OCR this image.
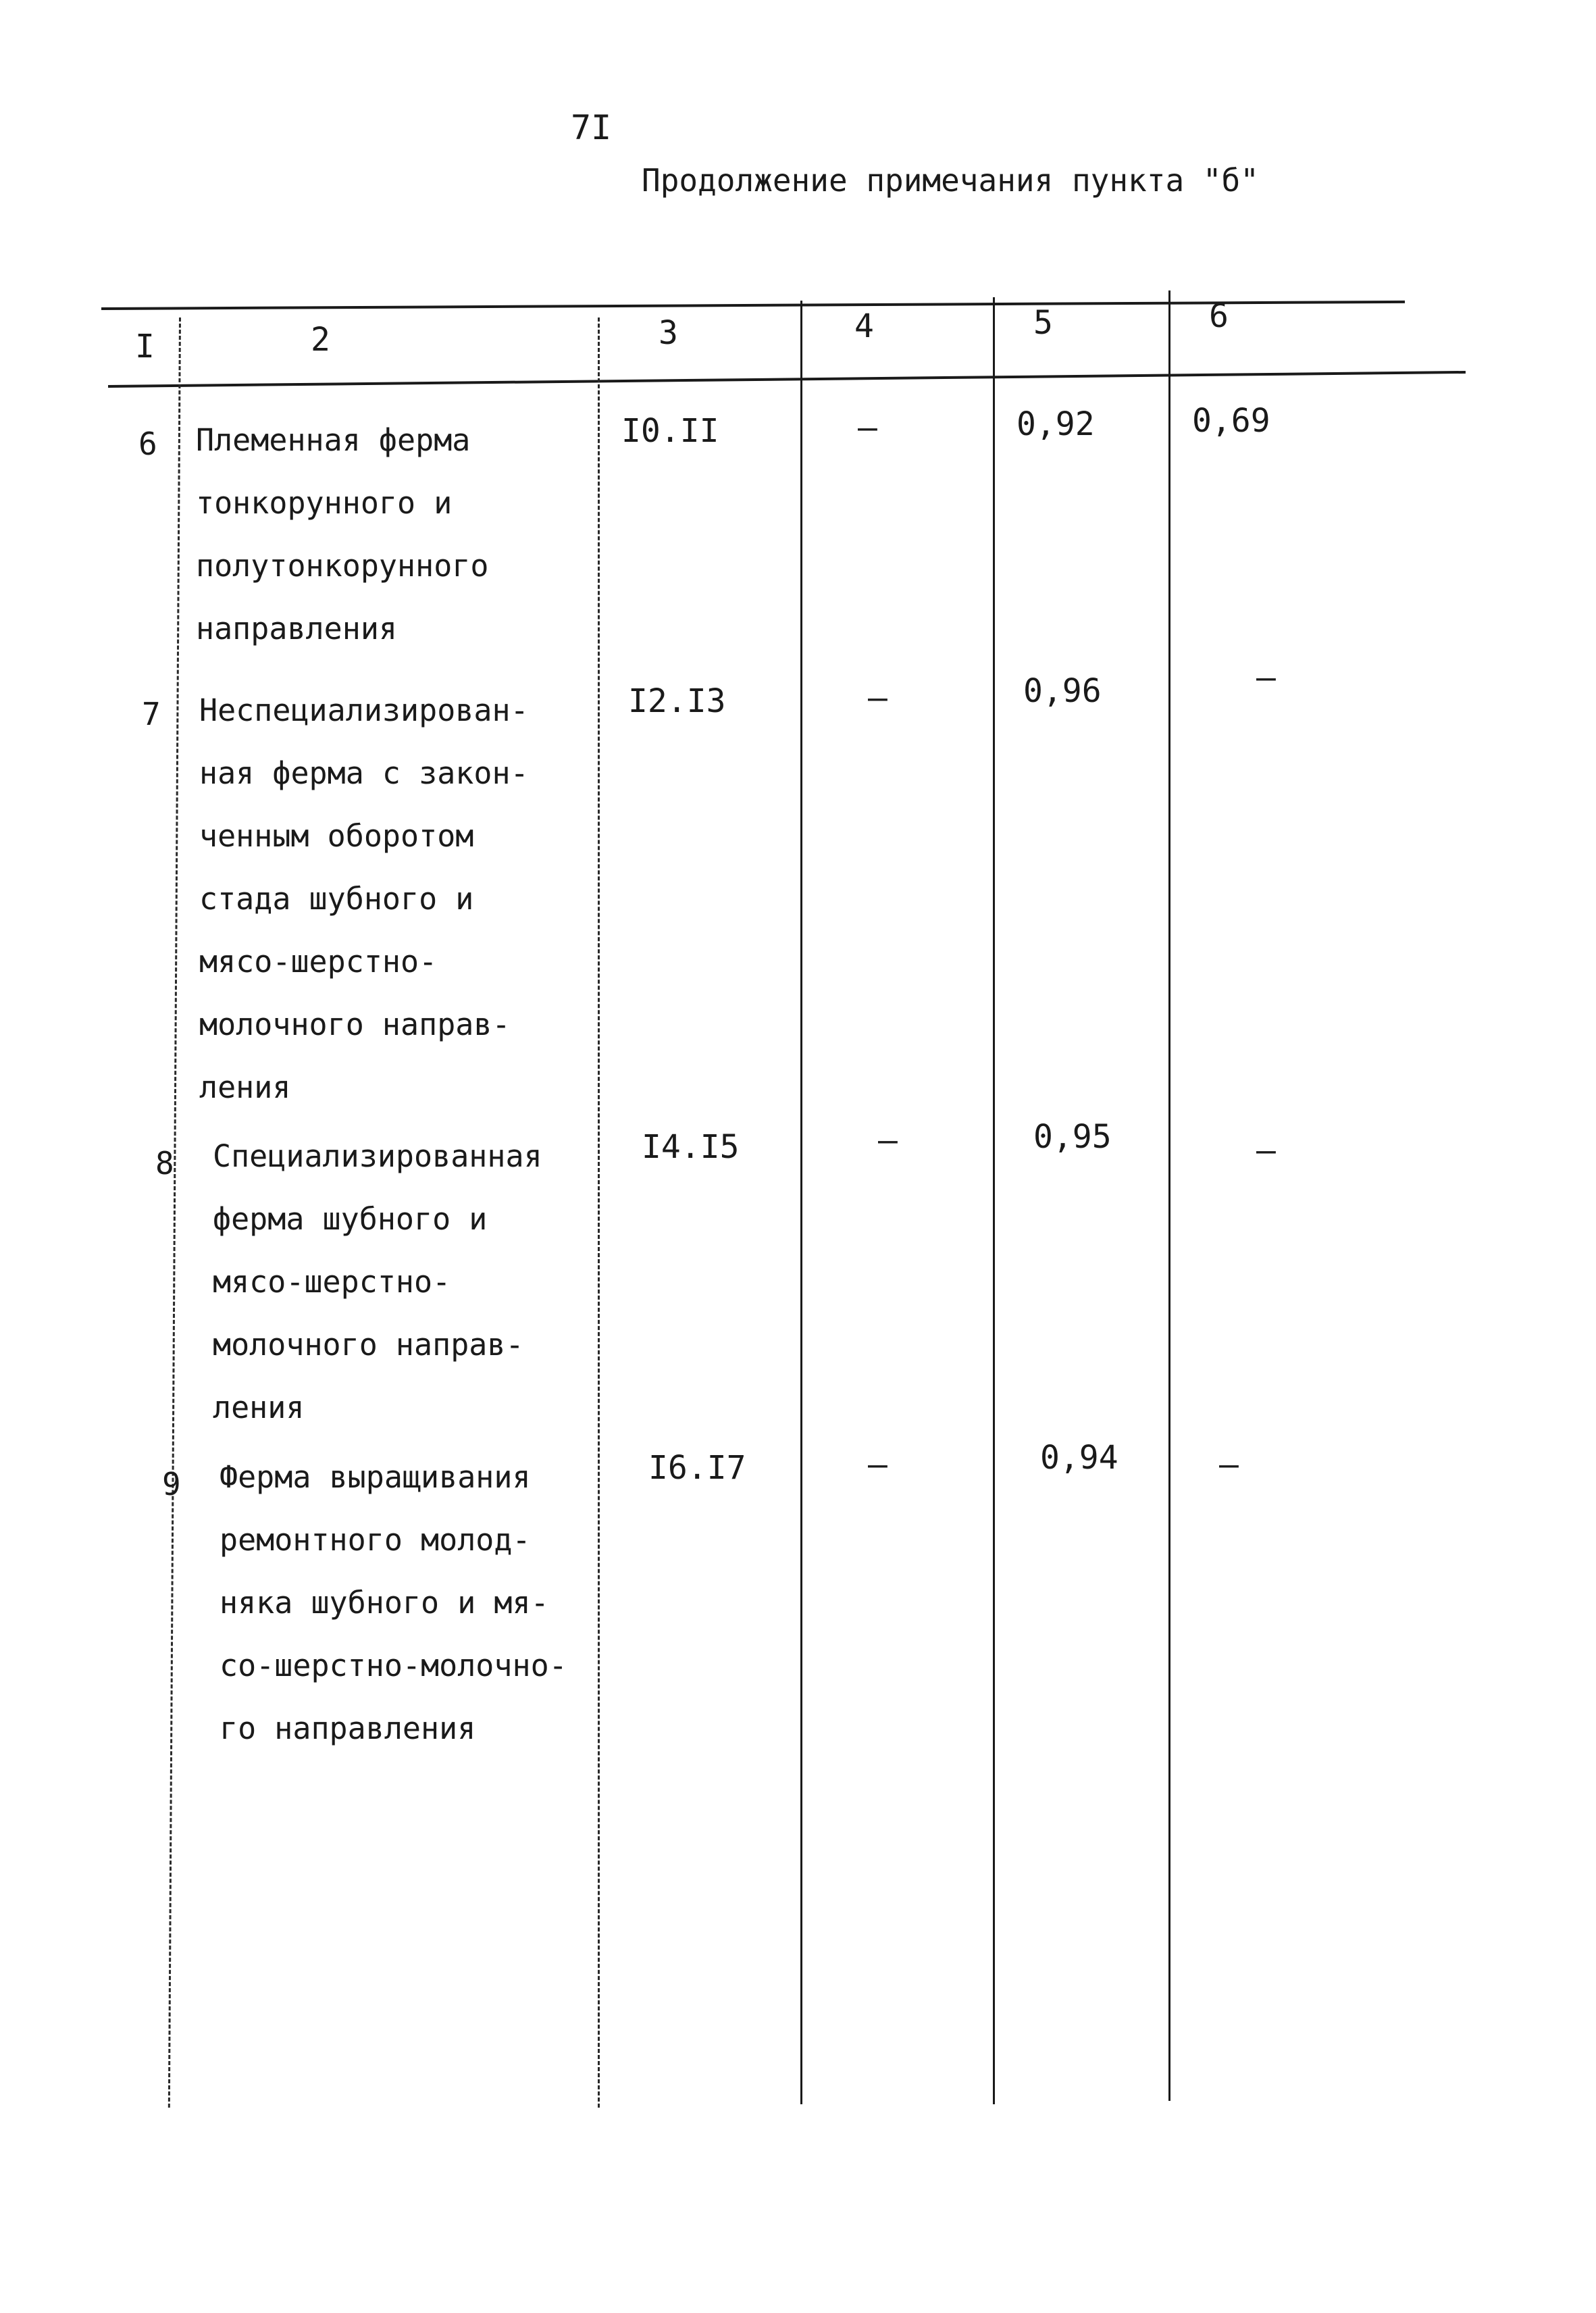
7I
Продолжение примечания пункта "б"
I	2	3	4	5	6
6 Племенная ферма
тонкорунного и
полутонкорунного
направления
I0.II	—	0,92	0,69
7 Неспециализирован-
ная ферма с закон-
ченным оборотом
стада шубного и
мясо-шерстно-
молочного направ-
ления
I2.I3	—	0,96	—
8 Специализированная
ферма шубного и
мясо-шерстно-
молочного направ-
ления
I4.I5	—	0,95	—
9 Ферма выращивания
ремонтного молод-
няка шубного и мя-
со-шерстно-молочно-
го направления
I6.I7	—	0,94	—
